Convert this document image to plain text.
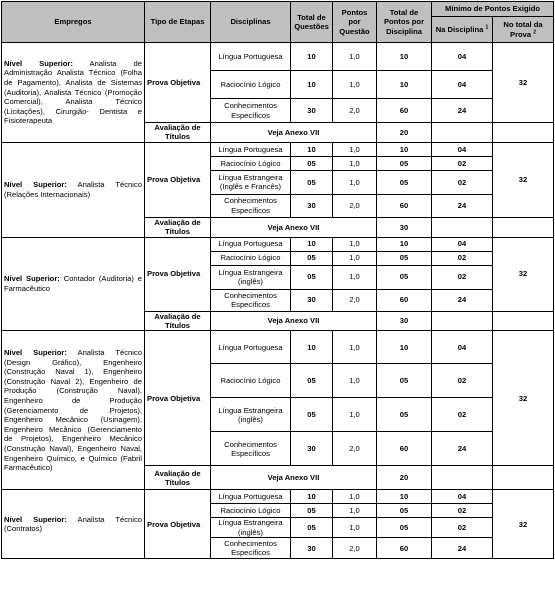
Empregos	Tipo de Etapas	Disciplinas	Total de Questões	Pontos por Questão	Total de Pontos por Disciplina	Mínimo de Pontos Exigido	
						Na Disciplina $^1$	No total da Prova $^2$
Nível Superior: Analista de Administração Analista Técnico (Folha de Pagamento), Analista de Sistemas (Auditoria), Analista Técnico (Promoção Comercial), Analista Técnico (Licitações), Cirurgião- Dentista e Fisioterapeuta	Prova Objetiva	Língua Portuguesa	10	1,0	10	04	32
		Raciocínio Lógico	10	1,0	10	04	
		Conhecimentos Específicos	30	2,0	60	24	
	Avaliação de Títulos	Veja Anexo VII			20		
Nível Superior: Analista Técnico (Relações Internacionais)	Prova Objetiva	Língua Portuguesa	10	1,0	10	04	32
		Raciocínio Lógico	05	1,0	05	02	
		Língua Estrangeira (Inglês e Francês)	05	1,0	05	02	
		Conhecimentos Específicos	30	2,0	60	24	
	Avaliação de Títulos	Veja Anexo VII			30		
Nível Superior: Contador (Auditoria) e Farmacêutico	Prova Objetiva	Língua Portuguesa	10	1,0	10	04	32
		Raciocínio Lógico	05	1,0	05	02	
		Língua Estrangeira (inglês)	05	1,0	05	02	
		Conhecimentos Específicos	30	2,0	60	24	
	Avaliação de Títulos	Veja Anexo VII			30		
Nível Superior: Analista Técnico (Design Gráfico), Engenheiro (Construção Naval 1), Engenheiro (Construção Naval 2), Engenheiro de Produção (Construção Naval), Engenheiro de Produção (Gerenciamento de Projetos), Engenheiro Mecânico (Usinagem), Engenheiro Mecânico (Gerenciamento de Projetos), Engenheiro Mecânico (Construção Naval), Engenheiro Naval, Engenheiro Químico, e Químico (Fabril Farmacêutico)	Prova Objetiva	Língua Portuguesa	10	1,0	10	04	32
		Raciocínio Lógico	05	1,0	05	02	
		Língua Estrangeira (inglês)	05	1,0	05	02	
		Conhecimentos Específicos	30	2,0	60	24	
	Avaliação de Títulos	Veja Anexo VII			20		
Nível Superior: Analista Técnico (Contratos)	Prova Objetiva	Língua Portuguesa	10	1,0	10	04	32
		Raciocínio Lógico	05	1,0	05	02	
		Língua Estrangeira (inglês)	05	1,0	05	02	
		Conhecimentos Específicos	30	2,0	60	24	
